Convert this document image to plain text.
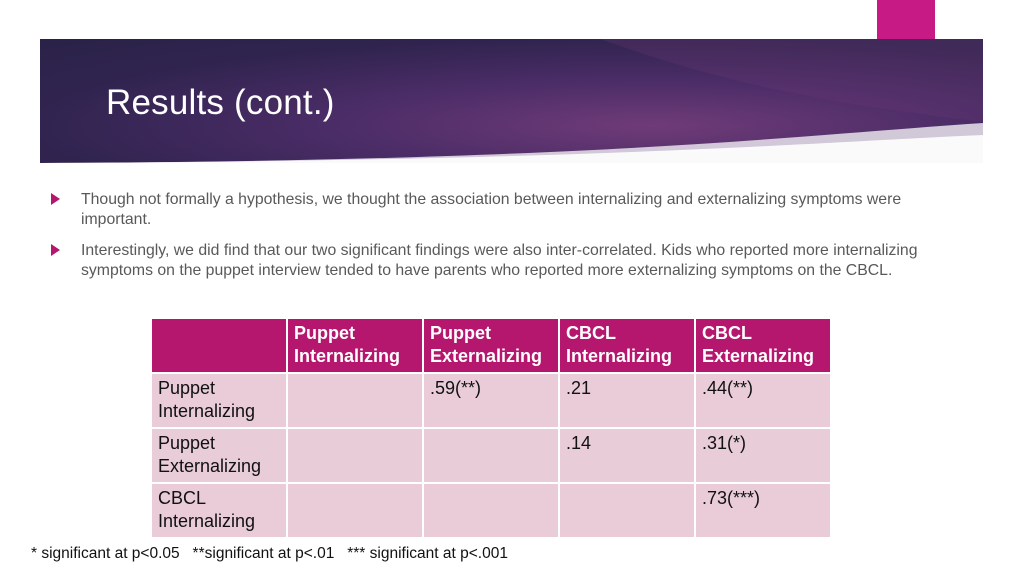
Results (cont.)
Though not formally a hypothesis, we thought the association between internalizing and externalizing symptoms were important.
Interestingly, we did find that our two significant findings were also inter-correlated. Kids who reported more internalizing symptoms on the puppet interview tended to have parents who reported more externalizing symptoms on the CBCL.
	Puppet Internalizing	Puppet Externalizing	CBCL Internalizing	CBCL Externalizing
Puppet Internalizing		.59(**)	.21	.44(**)
Puppet Externalizing			.14	.31(*)
CBCL Internalizing				.73(***)
* significant at p<0.05   **significant at p<.01   *** significant at p<.001
